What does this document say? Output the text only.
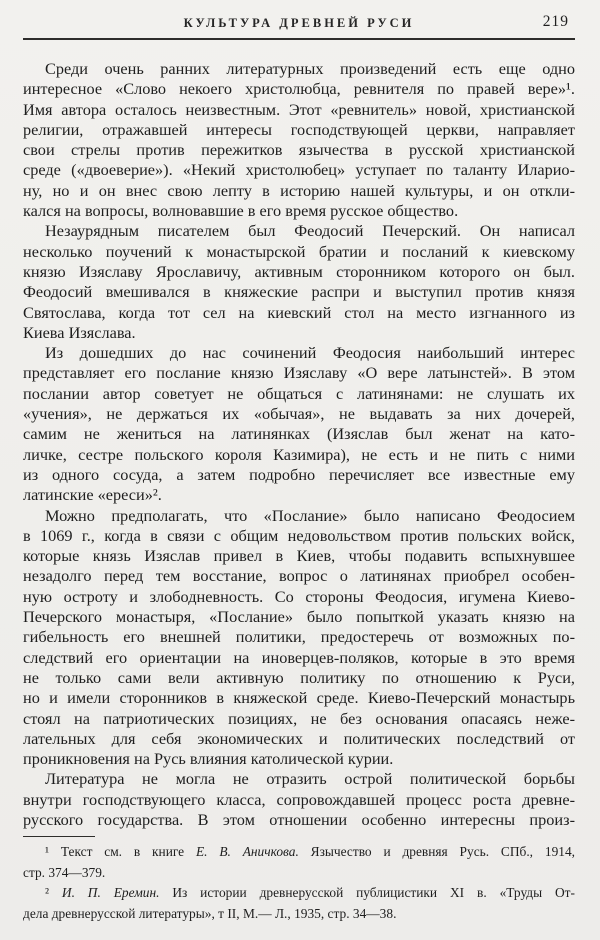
КУЛЬТУРА ДРЕВНЕЙ РУСИ	219
Среди очень ранних литературных произведений есть еще одно
интересное «Слово некоего христолюбца, ревнителя по правей вере»¹.
Имя автора осталось неизвестным. Этот «ревнитель» новой, христианской
религии, отражавшей интересы господствующей церкви, направляет
свои стрелы против пережитков язычества в русской христианской
среде («двоеверие»). «Некий христолюбец» уступает по таланту Иларио-
ну, но и он внес свою лепту в историю нашей культуры, и он откли-
кался на вопросы, волновавшие в его время русское общество.
Незаурядным писателем был Феодосий Печерский. Он написал
несколько поучений к монастырской братии и посланий к киевскому
князю Изяславу Ярославичу, активным сторонником которого он был.
Феодосий вмешивался в княжеские распри и выступил против князя
Святослава, когда тот сел на киевский стол на место изгнанного из
Киева Изяслава.
Из дошедших до нас сочинений Феодосия наибольший интерес
представляет его послание князю Изяславу «О вере латынстей». В этом
послании автор советует не общаться с латинянами: не слушать их
«учения», не держаться их «обычая», не выдавать за них дочерей,
самим не жениться на латинянках (Изяслав был женат на като-
личке, сестре польского короля Казимира), не есть и не пить с ними
из одного сосуда, а затем подробно перечисляет все известные ему
латинские «ереси»².
Можно предполагать, что «Послание» было написано Феодосием
в 1069 г., когда в связи с общим недовольством против польских войск,
которые князь Изяслав привел в Киев, чтобы подавить вспыхнувшее
незадолго перед тем восстание, вопрос о латинянах приобрел особен-
ную остроту и злободневность. Со стороны Феодосия, игумена Киево-
Печерского монастыря, «Послание» было попыткой указать князю на
гибельность его внешней политики, предостеречь от возможных по-
следствий его ориентации на иноверцев-поляков, которые в это время
не только сами вели активную политику по отношению к Руси,
но и имели сторонников в княжеской среде. Киево-Печерский монастырь
стоял на патриотических позициях, не без основания опасаясь неже-
лательных для себя экономических и политических последствий от
проникновения на Русь влияния католической курии.
Литература не могла не отразить острой политической борьбы
внутри господствующего класса, сопровождавшей процесс роста древне-
русского государства. В этом отношении особенно интересны произ-
¹ Текст см. в книге Е. В. Аничкова. Язычество и древняя Русь. СПб., 1914,
стр. 374—379.
² И. П. Еремин. Из истории древнерусской публицистики XI в. «Труды От-
дела древнерусской литературы», т II, М.— Л., 1935, стр. 34—38.
